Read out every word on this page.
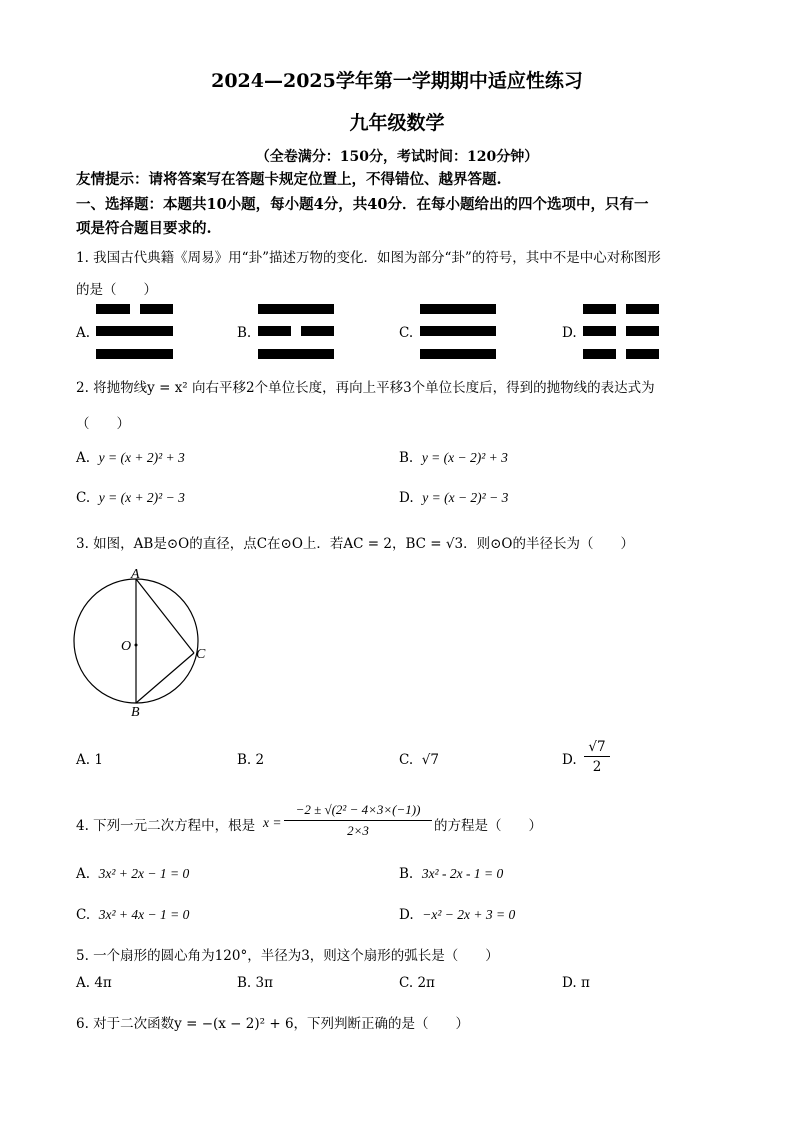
2024—2025学年第一学期期中适应性练习
九年级数学
（全卷满分：150分，考试时间：120分钟）
友情提示：请将答案写在答题卡规定位置上，不得错位、越界答题.
一、选择题：本题共10小题，每小题4分，共40分．在每小题给出的四个选项中，只有一
项是符合题目要求的.
1. 我国古代典籍《周易》用“卦”描述万物的变化．如图为部分“卦”的符号，其中不是中心对称图形
的是（　　）
A.	B.	C.	D.
2. 将抛物线y = x² 向右平移2个单位长度，再向上平移3个单位长度后，得到的抛物线的表达式为
（　　）
A. y = (x + 2)² + 3	B. y = (x − 2)² + 3
C. y = (x + 2)² − 3	D. y = (x − 2)² − 3
3. 如图，AB是⊙O的直径，点C在⊙O上．若AC = 2，BC = √3．则⊙O的半径长为（　　）
A
B
C
O
A. 1	B. 2	C. √7	D. $\frac{√7}{2}$
4. 下列一元二次方程中，根是 $x = \frac{\text{−2 ± √(2² − 4×3×(−1))}}{2\times 3}$ 的方程是（　　）
A. 3x² + 2x − 1 = 0	B. 3x² - 2x - 1 = 0
C. 3x² + 4x − 1 = 0	D. −x² − 2x + 3 = 0
5. 一个扇形的圆心角为120°，半径为3，则这个扇形的弧长是（　　）
A. 4π	B. 3π	C. 2π	D. π
6. 对于二次函数y = −(x − 2)² + 6，下列判断正确的是（　　）
